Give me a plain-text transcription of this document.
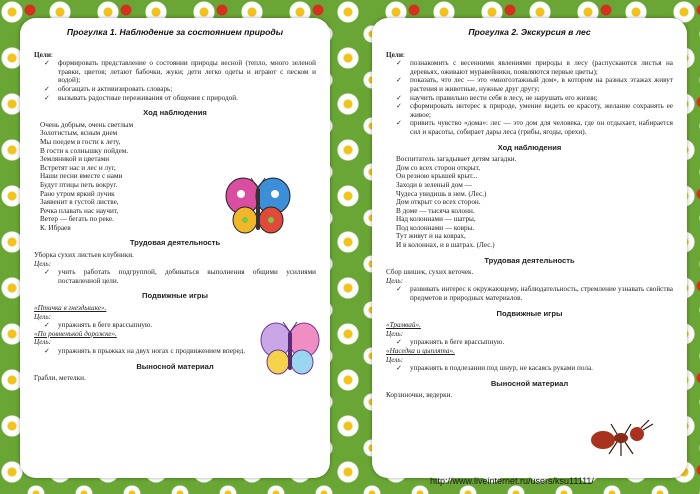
Прогулка 1. Наблюдение за состоянием природы
Цели:
✓ формировать представление о состоянии природы весной (тепло, много зеленой травки, цветов; летают бабочки, жуки; дети легко одеты и играют с песком и водой);
✓ обогащать и активизировать словарь;
✓ вызывать радостные переживания от общения с природой.
Ход наблюдения
Очень добрым, очень светлым
Золотистым, ясным днем
Мы поедем в гости к лету,
В гости к солнышку пойдем.
Земляникой и цветами
Встретят нас и лес и луг,
Наши песни вместе с нами
Будут птицы петь вокруг.
Рано утром яркий лучик
Заявенит в густой листве,
Речка плавать нас научит,
Ветер — бегать по реке.
К. Ибраев
Трудовая деятельность
Уборка сухих листьев клубники.
Цель:
✓ учить работать подгруппой, добиваться выполнения общими усилиями поставленной цели.
Подвижные игры
«Птичка в гнездышке».
Цель:
✓ упражнять в беге врассыпную.
«По ровненькой дорожке».
Цель:
✓ упражнять в прыжках на двух ногах с продвижением вперед.
Выносной материал
Грабли, метелки.
Прогулка 2. Экскурсия в лес
Цели:
✓ познакомить с весенними явлениями природы в лесу (распускаются листья на деревьях, оживают муравейники, появляются первые цветы);
✓ показать, что лес — это «многоэтажный дом», в котором на разных этажах живут растения и животные, нужные друг другу;
✓ научить правильно вести себя в лесу, не нарушать его жизни;
✓ сформировать интерес к природе, умение видеть ее красоту, желание сохранять ее живое;
✓ привить чувство «дома»: лес — это дом для человека, где он отдыхает, набирается сил и красоты, собирает дары леса (грибы, ягоды, орехи).
Ход наблюдения
Воспитатель загадывает детям загадки.
Дом со всех сторон открыт,
Он резною крышей крыт...
Заходи в зеленый дом —
Чудеса увидишь в нем. (Лес.)
Дом открыт со всех сторон.
В доме — тысяча колонн.
Над колоннами — шатры,
Под колоннами — ковры.
Тут живут и на коврах,
И в колоннах, и в шатрах. (Лес.)
Трудовая деятельность
Сбор шишек, сухих веточек.
Цель:
✓ развивать интерес к окружающему, наблюдательность, стремление узнавать свойства предметов и природных материалов.
Подвижные игры
«Трамвай».
Цель:
✓ упражнять в беге врассыпную.
«Наседка и цыплята».
Цель:
✓ упражнять в подлезании под шнур, не касаясь руками пола.
Выносной материал
Корзиночки, ведерки.
http://www.liveinternet.ru/users/ksu11111/
